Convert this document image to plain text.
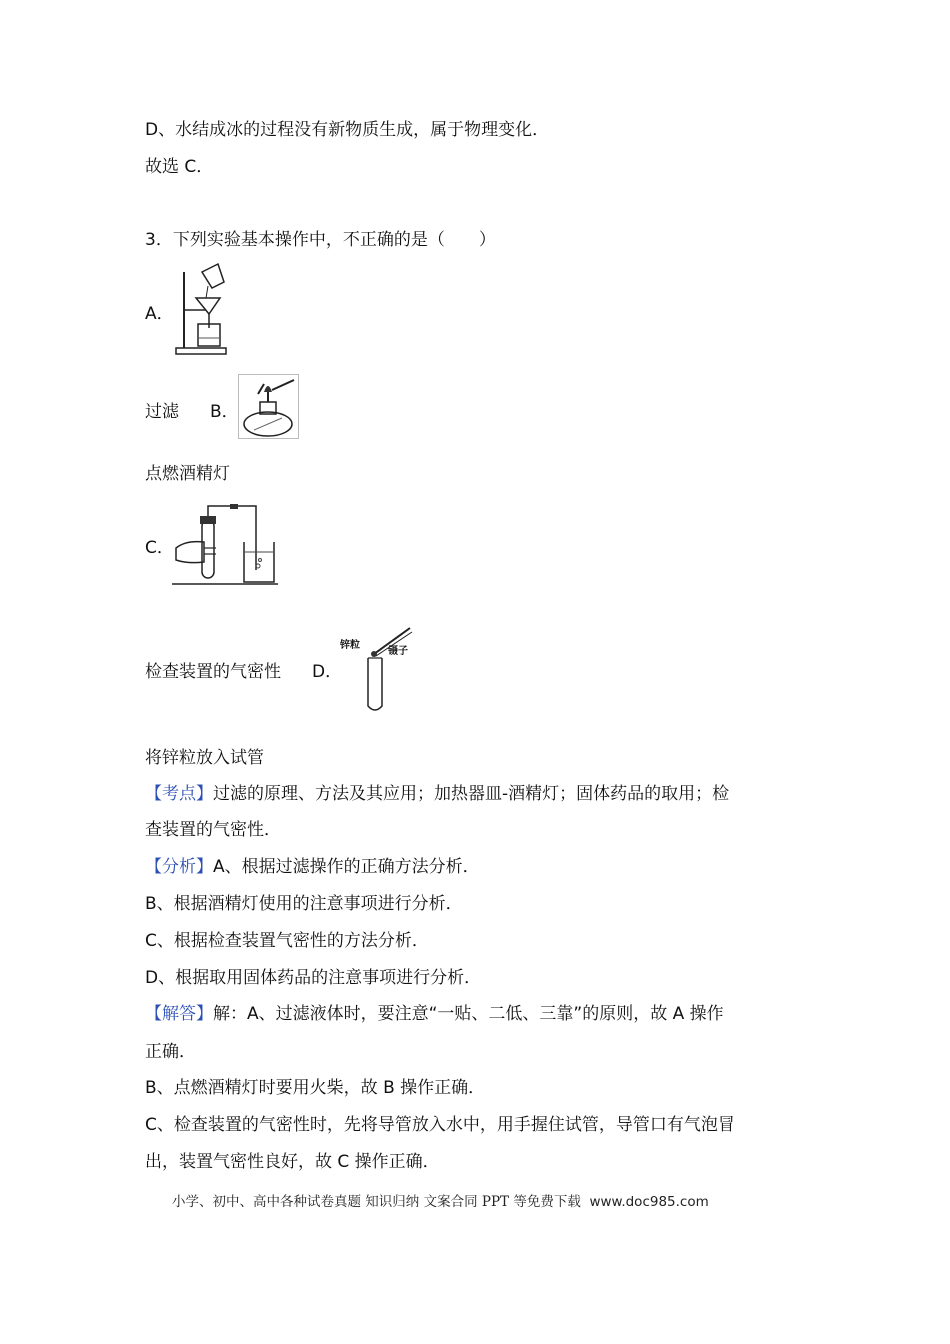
D、水结成冰的过程没有新物质生成，属于物理变化．
故选 C．
3．下列实验基本操作中，不正确的是（　　）
A．
过滤 B．
点燃酒精灯
C．
检查装置的气密性 D．
锌粒
镊子
将锌粒放入试管
【考点】过滤的原理、方法及其应用；加热器皿-酒精灯；固体药品的取用；检
查装置的气密性．
【分析】A、根据过滤操作的正确方法分析．
B、根据酒精灯使用的注意事项进行分析．
C、根据检查装置气密性的方法分析．
D、根据取用固体药品的注意事项进行分析．
【解答】解：A、过滤液体时，要注意“一贴、二低、三靠”的原则，故 A 操作
正确．
B、点燃酒精灯时要用火柴，故 B 操作正确．
C、检查装置的气密性时，先将导管放入水中，用手握住试管，导管口有气泡冒
出，装置气密性良好，故 C 操作正确．
小学、初中、高中各种试卷真题 知识归纳 文案合同 PPT 等免费下载 www.doc985.com
